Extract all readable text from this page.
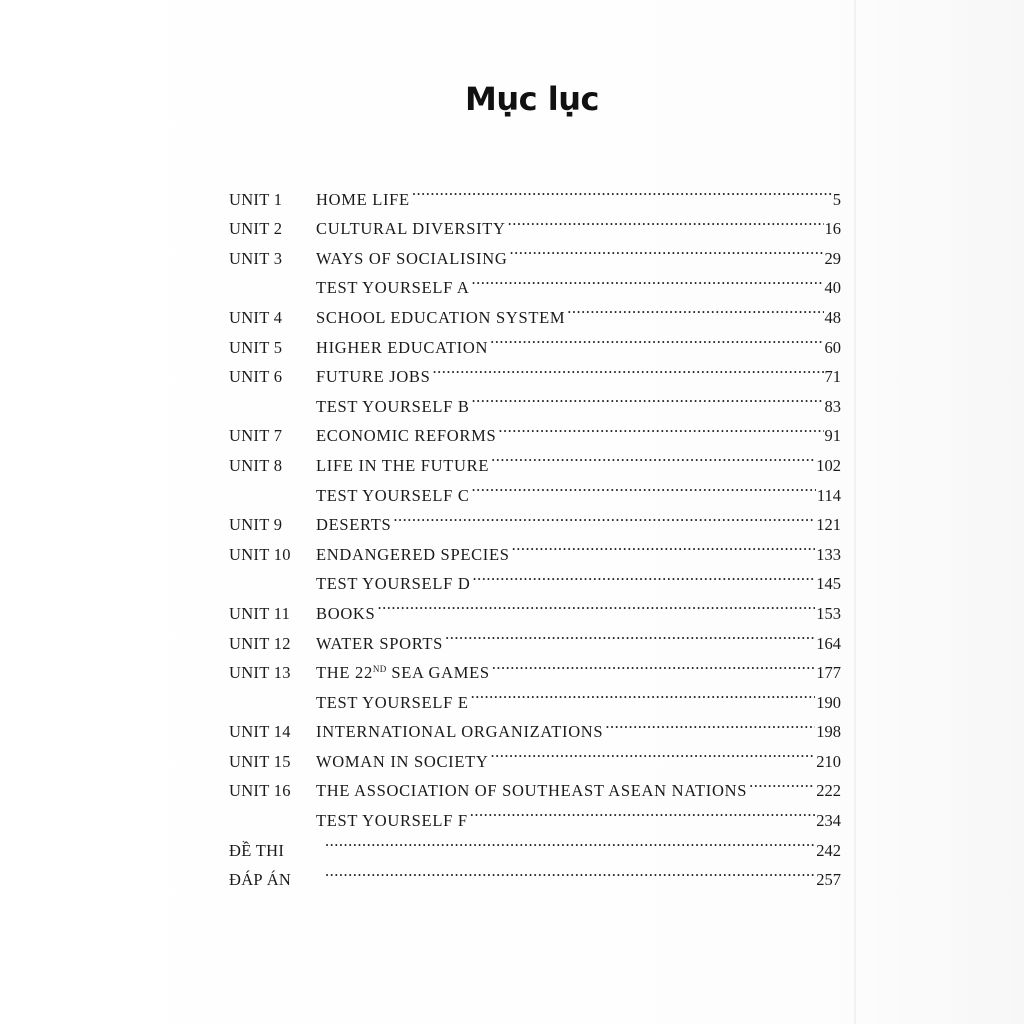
Mục lục
UNIT 1	HOME LIFE .....	5
UNIT 2	CULTURAL DIVERSITY .....	16
UNIT 3	WAYS OF SOCIALISING .....	29
TEST YOURSELF A .....	40
UNIT 4	SCHOOL EDUCATION SYSTEM .....	48
UNIT 5	HIGHER EDUCATION .....	60
UNIT 6	FUTURE JOBS .....	71
TEST YOURSELF B .....	83
UNIT 7	ECONOMIC REFORMS .....	91
UNIT 8	LIFE IN THE FUTURE .....	102
TEST YOURSELF C .....	114
UNIT 9	DESERTS .....	121
UNIT 10	ENDANGERED SPECIES .....	133
TEST YOURSELF D .....	145
UNIT 11	BOOKS .....	153
UNIT 12	WATER SPORTS .....	164
UNIT 13	THE 22ND SEA GAMES .....	177
TEST YOURSELF E .....	190
UNIT 14	INTERNATIONAL ORGANIZATIONS .....	198
UNIT 15	WOMAN IN SOCIETY .....	210
UNIT 16	THE ASSOCIATION OF SOUTHEAST ASEAN NATIONS .....	222
TEST YOURSELF F .....	234
ĐỀ THI .....	242
ĐÁP ÁN .....	257
